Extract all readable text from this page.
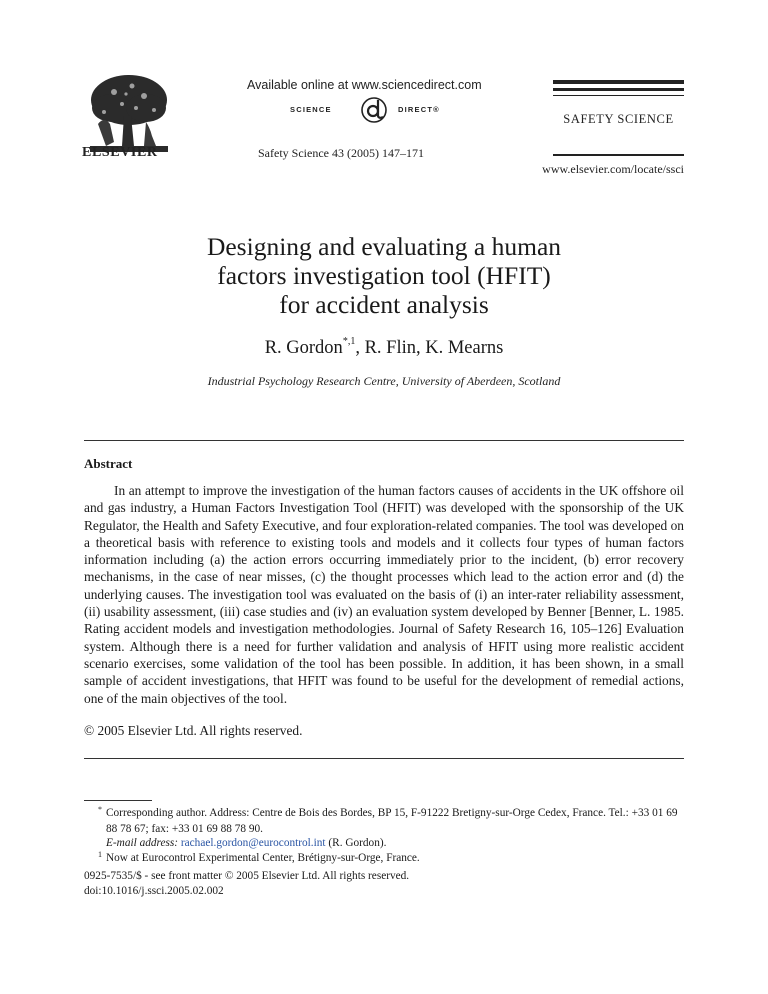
Available online at www.sciencedirect.com
SCIENCE	DIRECT®
ELSEVIER	Safety Science 43 (2005) 147–171
SAFETY SCIENCE
www.elsevier.com/locate/ssci
Designing and evaluating a human
factors investigation tool (HFIT)
for accident analysis
R. Gordon$^{*,1}$, R. Flin, K. Mearns
Industrial Psychology Research Centre, University of Aberdeen, Scotland
Abstract

In an attempt to improve the investigation of the human factors causes of accidents in the UK offshore oil and gas industry, a Human Factors Investigation Tool (HFIT) was developed with the sponsorship of the UK Regulator, the Health and Safety Executive, and four exploration-related companies. The tool was developed on a theoretical basis with reference to existing tools and models and it collects four types of human factors information including (a) the action errors occurring immediately prior to the incident, (b) error recovery mechanisms, in the case of near misses, (c) the thought processes which lead to the action error and (d) the underlying causes. The investigation tool was evaluated on the basis of (i) an inter-rater reliability assessment, (ii) usability assessment, (iii) case studies and (iv) an evaluation system developed by Benner [Benner, L. 1985. Rating accident models and investigation methodologies. Journal of Safety Research 16, 105–126] Evaluation system. Although there is a need for further validation and analysis of HFIT using more realistic accident scenario exercises, some validation of the tool has been possible. In addition, it has been shown, in a small sample of accident investigations, that HFIT was found to be useful for the development of remedial actions, one of the main objectives of the tool.

© 2005 Elsevier Ltd. All rights reserved.

* Corresponding author. Address: Centre de Bois des Bordes, BP 15, F-91222 Bretigny-sur-Orge Cedex, France. Tel.: +33 01 69 88 78 67; fax: +33 01 69 88 78 90.

E-mail address: rachael.gordon@eurocontrol.int (R. Gordon).

1 Now at Eurocontrol Experimental Center, Brétigny-sur-Orge, France.

0925-7535/$ - see front matter © 2005 Elsevier Ltd. All rights reserved.
doi:10.1016/j.ssci.2005.02.002
